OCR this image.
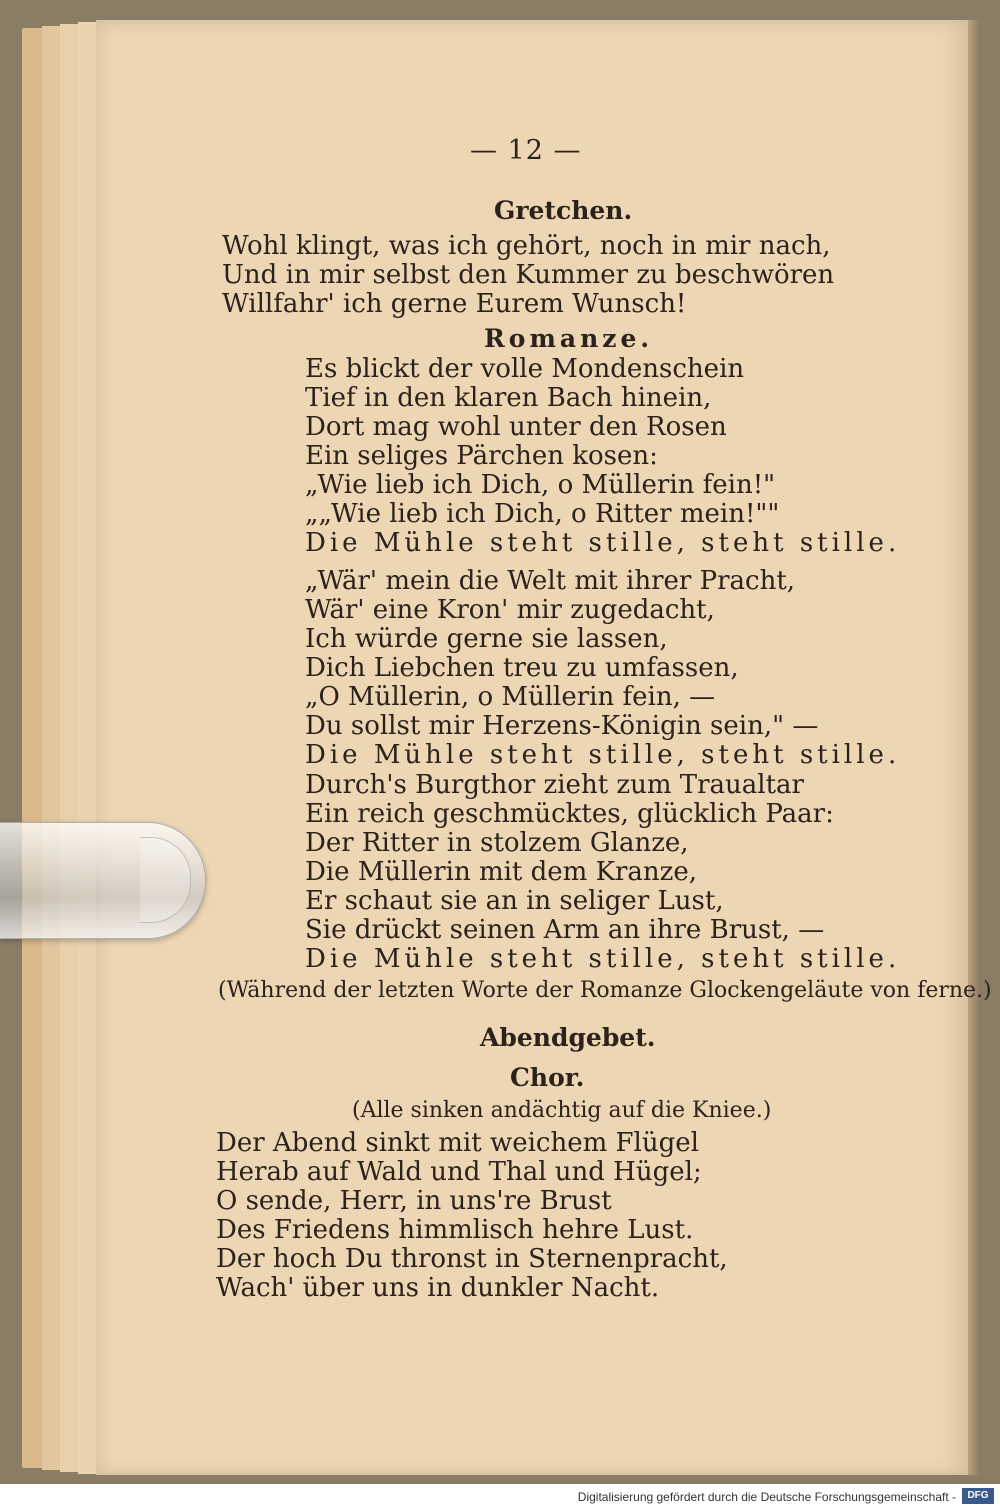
— 12 —
Gretchen.
Wohl klingt, was ich gehört, noch in mir nach,
Und in mir selbst den Kummer zu beschwören
Willfahr' ich gerne Eurem Wunsch!
Romanze.
Es blickt der volle Mondenschein
Tief in den klaren Bach hinein,
Dort mag wohl unter den Rosen
Ein seliges Pärchen kosen:
„Wie lieb ich Dich, o Müllerin fein!"
„„Wie lieb ich Dich, o Ritter mein!""
Die Mühle steht stille, steht stille.
„Wär' mein die Welt mit ihrer Pracht,
Wär' eine Kron' mir zugedacht,
Ich würde gerne sie lassen,
Dich Liebchen treu zu umfassen,
„O Müllerin, o Müllerin fein, —
Du sollst mir Herzens-Königin sein," —
Die Mühle steht stille, steht stille.
Durch's Burgthor zieht zum Traualtar
Ein reich geschmücktes, glücklich Paar:
Der Ritter in stolzem Glanze,
Die Müllerin mit dem Kranze,
Er schaut sie an in seliger Lust,
Sie drückt seinen Arm an ihre Brust, —
Die Mühle steht stille, steht stille.
(Während der letzten Worte der Romanze Glockengeläute von ferne.)
Abendgebet.
Chor.
(Alle sinken andächtig auf die Kniee.)
Der Abend sinkt mit weichem Flügel
Herab auf Wald und Thal und Hügel;
O sende, Herr, in uns're Brust
Des Friedens himmlisch hehre Lust.
Der hoch Du thronst in Sternenpracht,
Wach' über uns in dunkler Nacht.
Digitalisierung gefördert durch die Deutsche Forschungsgemeinschaft -	DFG
